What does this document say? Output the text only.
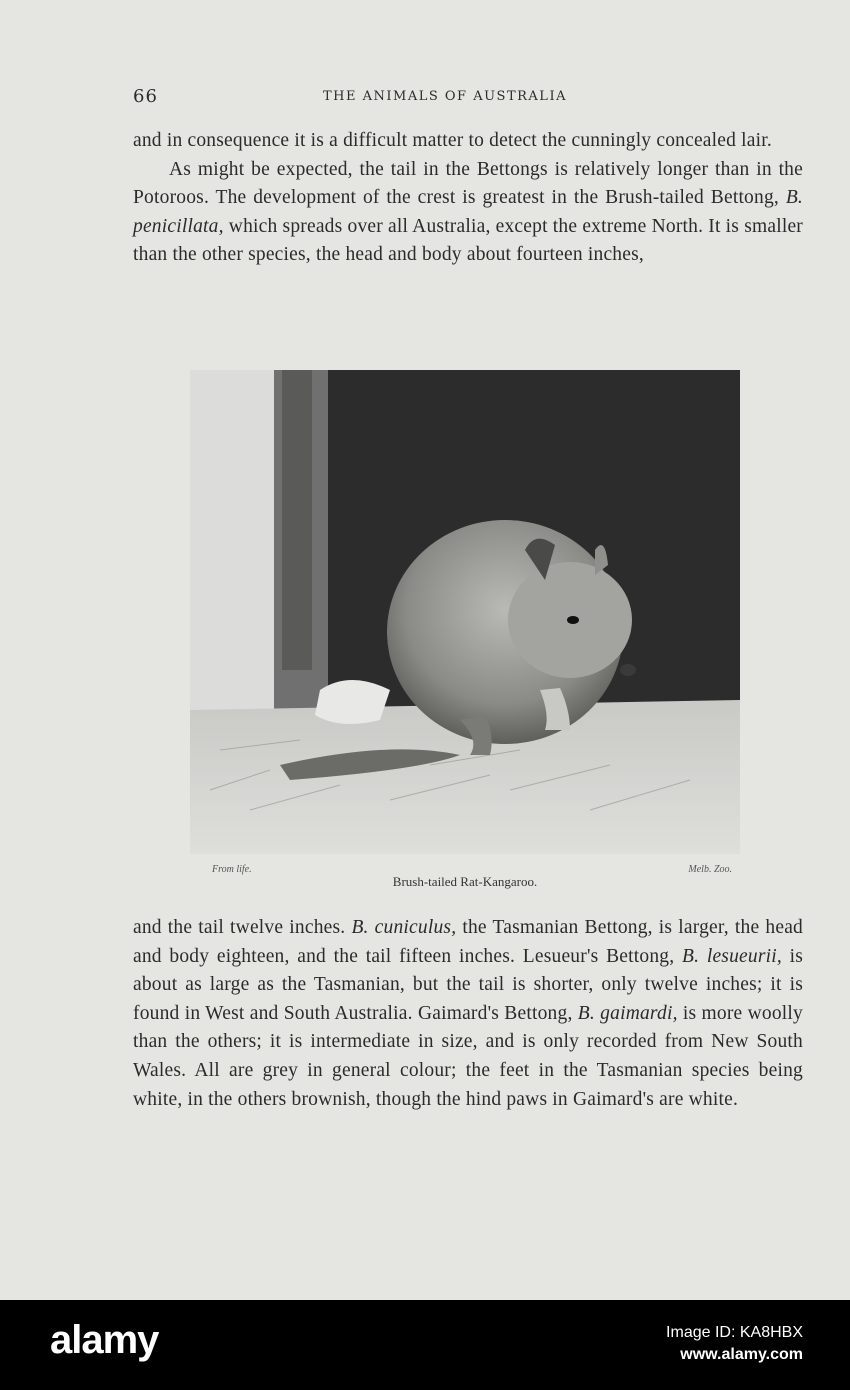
66	THE ANIMALS OF AUSTRALIA

and in consequence it is a difficult matter to detect the cunningly concealed lair.

As might be expected, the tail in the Bettongs is relatively longer than in the Potoroos. The development of the crest is greatest in the Brush-tailed Bettong, B. penicillata, which spreads over all Australia, except the extreme North. It is smaller than the other species, the head and body about fourteen inches,

From life.	Melb. Zoo.
Brush-tailed Rat-Kangaroo.

and the tail twelve inches. B. cuniculus, the Tasmanian Bettong, is larger, the head and body eighteen, and the tail fifteen inches. Lesueur's Bettong, B. lesueurii, is about as large as the Tasmanian, but the tail is shorter, only twelve inches; it is found in West and South Australia. Gaimard's Bettong, B. gaimardi, is more woolly than the others; it is intermediate in size, and is only recorded from New South Wales. All are grey in general colour; the feet in the Tasmanian species being white, in the others brownish, though the hind paws in Gaimard's are white.

alamy	Image ID: KA8HBX
www.alamy.com
